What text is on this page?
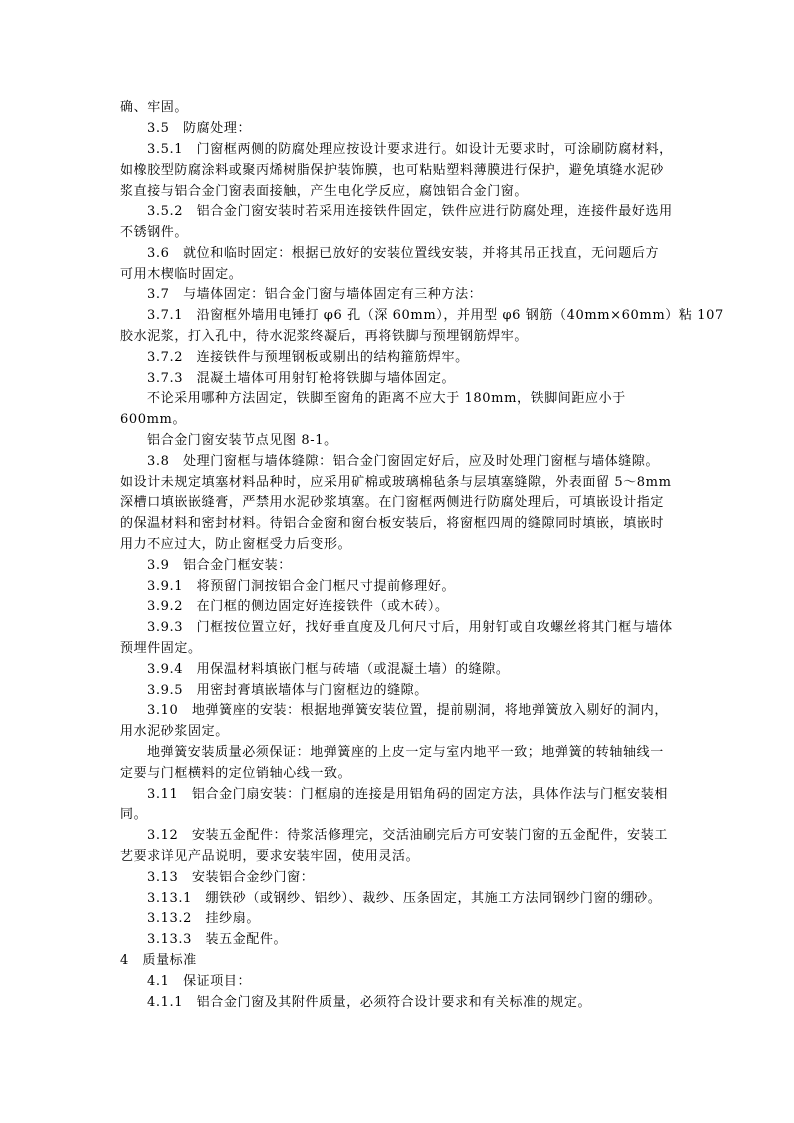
确、牢固。
3.5　防腐处理：
3.5.1　门窗框两侧的防腐处理应按设计要求进行。如设计无要求时，可涂刷防腐材料，
如橡胶型防腐涂料或聚丙烯树脂保护装饰膜，也可粘贴塑料薄膜进行保护，避免填缝水泥砂
浆直接与铝合金门窗表面接触，产生电化学反应，腐蚀铝合金门窗。
3.5.2　铝合金门窗安装时若采用连接铁件固定，铁件应进行防腐处理，连接件最好选用
不锈钢件。
3.6　就位和临时固定：根据已放好的安装位置线安装，并将其吊正找直，无问题后方
可用木楔临时固定。
3.7　与墙体固定：铝合金门窗与墙体固定有三种方法：
3.7.1　沿窗框外墙用电锤打 φ6 孔（深 60mm），并用型 φ6 钢筋（40mm×60mm）粘 107
胶水泥浆，打入孔中，待水泥浆终凝后，再将铁脚与预埋钢筋焊牢。
3.7.2　连接铁件与预埋钢板或剔出的结构箍筋焊牢。
3.7.3　混凝土墙体可用射钉枪将铁脚与墙体固定。
不论采用哪种方法固定，铁脚至窗角的距离不应大于 180mm，铁脚间距应小于
600mm。
铝合金门窗安装节点见图 8-1。
3.8　处理门窗框与墙体缝隙：铝合金门窗固定好后，应及时处理门窗框与墙体缝隙。
如设计未规定填塞材料品种时，应采用矿棉或玻璃棉毡条与层填塞缝隙，外表面留 5～8mm
深槽口填嵌嵌缝膏，严禁用水泥砂浆填塞。在门窗框两侧进行防腐处理后，可填嵌设计指定
的保温材料和密封材料。待铝合金窗和窗台板安装后，将窗框四周的缝隙同时填嵌，填嵌时
用力不应过大，防止窗框受力后变形。
3.9　铝合金门框安装：
3.9.1　将预留门洞按铝合金门框尺寸提前修理好。
3.9.2　在门框的侧边固定好连接铁件（或木砖）。
3.9.3　门框按位置立好，找好垂直度及几何尺寸后，用射钉或自攻螺丝将其门框与墙体
预埋件固定。
3.9.4　用保温材料填嵌门框与砖墙（或混凝土墙）的缝隙。
3.9.5　用密封膏填嵌墙体与门窗框边的缝隙。
3.10　地弹簧座的安装：根据地弹簧安装位置，提前剔洞，将地弹簧放入剔好的洞内，
用水泥砂浆固定。
地弹簧安装质量必须保证：地弹簧座的上皮一定与室内地平一致；地弹簧的转轴轴线一
定要与门框横料的定位销轴心线一致。
3.11　铝合金门扇安装：门框扇的连接是用铝角码的固定方法，具体作法与门框安装相
同。
3.12　安装五金配件：待浆活修理完，交活油刷完后方可安装门窗的五金配件，安装工
艺要求详见产品说明，要求安装牢固，使用灵活。
3.13　安装铝合金纱门窗：
3.13.1　绷铁砂（或钢纱、铝纱）、裁纱、压条固定，其施工方法同钢纱门窗的绷砂。
3.13.2　挂纱扇。
3.13.3　装五金配件。
4　质量标准
4.1　保证项目：
4.1.1　铝合金门窗及其附件质量，必须符合设计要求和有关标准的规定。
